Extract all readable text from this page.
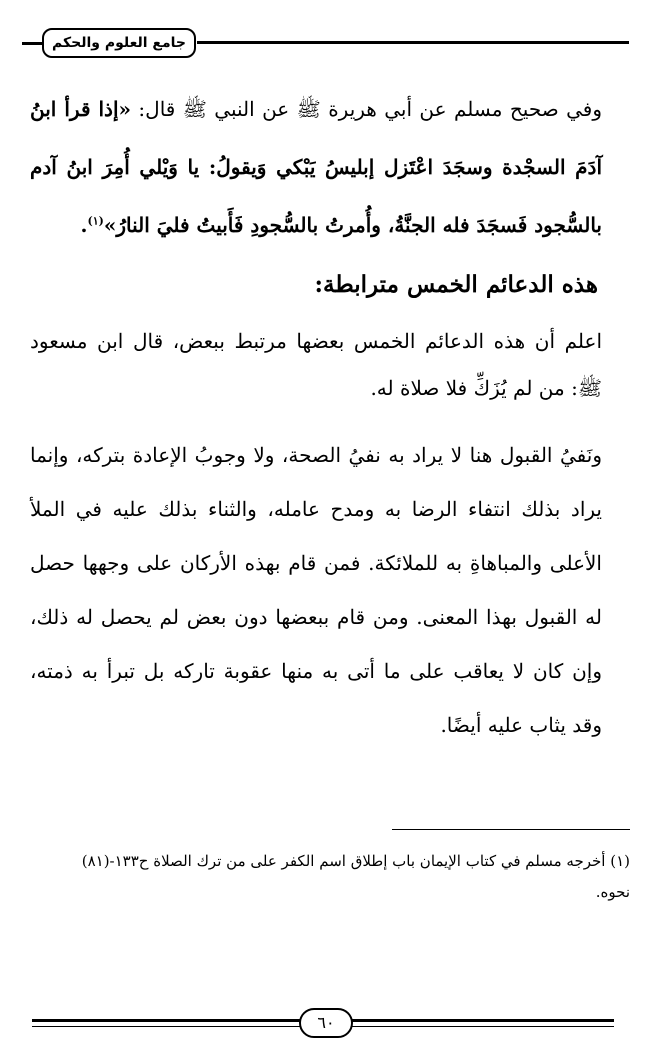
جامع العلوم والحكم

وفي صحيح مسلم عن أبي هريرة ﷺ عن النبي ﷺ قال: «إذا قرأ ابنُ آدَمَ السجْدة وسجَدَ اعْتَزل إبليسُ يَبْكي وَيقولُ: يا وَيْلي أُمِرَ ابنُ آدم بالسُّجود فَسجَدَ فله الجنَّةُ، وأُمرتُ بالسُّجودِ فَأَبيتُ فليَ النارُ»$^{(١)}$.

هذه الدعائم الخمس مترابطة:

اعلم أن هذه الدعائم الخمس بعضها مرتبط ببعض، قال ابن مسعود ﷺ: من لم يُزَكِّ فلا صلاة له.

ونَفيُ القبول هنا لا يراد به نفيُ الصحة، ولا وجوبُ الإعادة بتركه، وإنما يراد بذلك انتفاء الرضا به ومدح عامله، والثناء بذلك عليه في الملأ الأعلى والمباهاةِ به للملائكة. فمن قام بهذه الأركان على وجهها حصل له القبول بهذا المعنى. ومن قام ببعضها دون بعض لم يحصل له ذلك، وإن كان لا يعاقب على ما أتى به منها عقوبة تاركه بل تبرأ به ذمته، وقد يثاب عليه أيضًا.

(١) أخرجه مسلم في كتاب الإيمان باب إطلاق اسم الكفر على من ترك الصلاة ح١٣٣-(٨١) نحوه.

٦٠
